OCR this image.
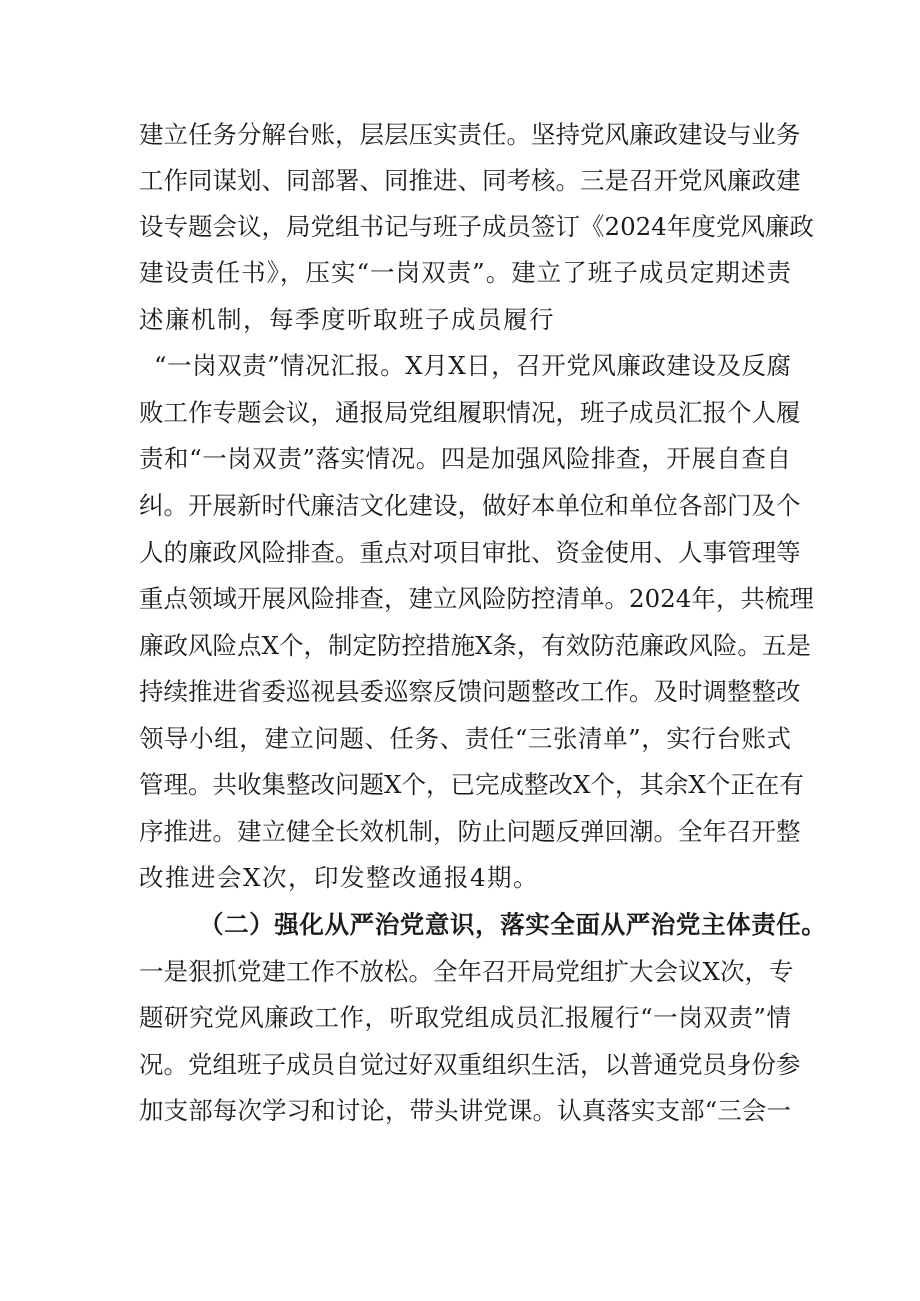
建立任务分解台账，层层压实责任。坚持党风廉政建设与业务
工作同谋划、同部署、同推进、同考核。三是召开党风廉政建
设专题会议，局党组书记与班子成员签订《2024年度党风廉政
建设责任书》，压实“一岗双责”。建立了班子成员定期述责
述廉机制，每季度听取班子成员履行
“一岗双责”情况汇报。X月X日，召开党风廉政建设及反腐
败工作专题会议，通报局党组履职情况，班子成员汇报个人履
责和“一岗双责”落实情况。四是加强风险排查，开展自查自
纠。开展新时代廉洁文化建设，做好本单位和单位各部门及个
人的廉政风险排查。重点对项目审批、资金使用、人事管理等
重点领域开展风险排查，建立风险防控清单。2024年，共梳理
廉政风险点X个，制定防控措施X条，有效防范廉政风险。五是
持续推进省委巡视县委巡察反馈问题整改工作。及时调整整改
领导小组，建立问题、任务、责任“三张清单”，实行台账式
管理。共收集整改问题X个，已完成整改X个，其余X个正在有
序推进。建立健全长效机制，防止问题反弹回潮。全年召开整
改推进会X次，印发整改通报4期。
（二）强化从严治党意识，落实全面从严治党主体责任。
一是狠抓党建工作不放松。全年召开局党组扩大会议X次，专
题研究党风廉政工作，听取党组成员汇报履行“一岗双责”情
况。党组班子成员自觉过好双重组织生活，以普通党员身份参
加支部每次学习和讨论，带头讲党课。认真落实支部“三会一
